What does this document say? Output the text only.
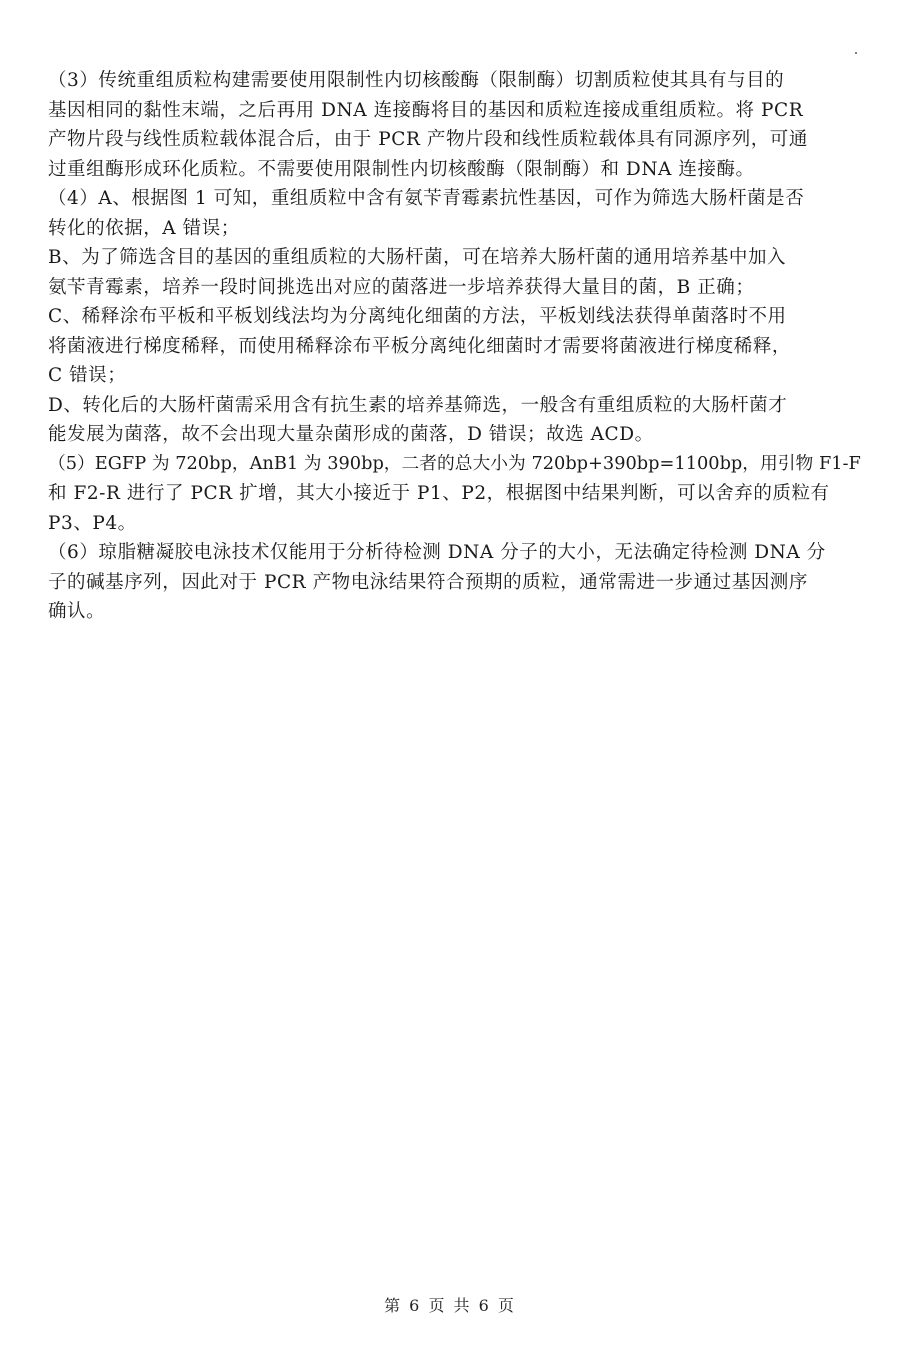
（3）传统重组质粒构建需要使用限制性内切核酸酶（限制酶）切割质粒使其具有与目的
基因相同的黏性末端，之后再用 DNA 连接酶将目的基因和质粒连接成重组质粒。将 PCR
产物片段与线性质粒载体混合后，由于 PCR 产物片段和线性质粒载体具有同源序列，可通
过重组酶形成环化质粒。不需要使用限制性内切核酸酶（限制酶）和 DNA 连接酶。
（4）A、根据图 1 可知，重组质粒中含有氨苄青霉素抗性基因，可作为筛选大肠杆菌是否
转化的依据，A 错误；
B、为了筛选含目的基因的重组质粒的大肠杆菌，可在培养大肠杆菌的通用培养基中加入
氨苄青霉素，培养一段时间挑选出对应的菌落进一步培养获得大量目的菌，B 正确；
C、稀释涂布平板和平板划线法均为分离纯化细菌的方法，平板划线法获得单菌落时不用
将菌液进行梯度稀释，而使用稀释涂布平板分离纯化细菌时才需要将菌液进行梯度稀释，
C 错误；
D、转化后的大肠杆菌需采用含有抗生素的培养基筛选，一般含有重组质粒的大肠杆菌才
能发展为菌落，故不会出现大量杂菌形成的菌落，D 错误；故选 ACD。
（5）EGFP 为 720bp，AnB1 为 390bp，二者的总大小为 720bp+390bp=1100bp，用引物 F1-F
和 F2-R 进行了 PCR 扩增，其大小接近于 P1、P2，根据图中结果判断，可以舍弃的质粒有
P3、P4。
（6）琼脂糖凝胶电泳技术仅能用于分析待检测 DNA 分子的大小，无法确定待检测 DNA 分
子的碱基序列，因此对于 PCR 产物电泳结果符合预期的质粒，通常需进一步通过基因测序
确认。
第 6 页 共 6 页
